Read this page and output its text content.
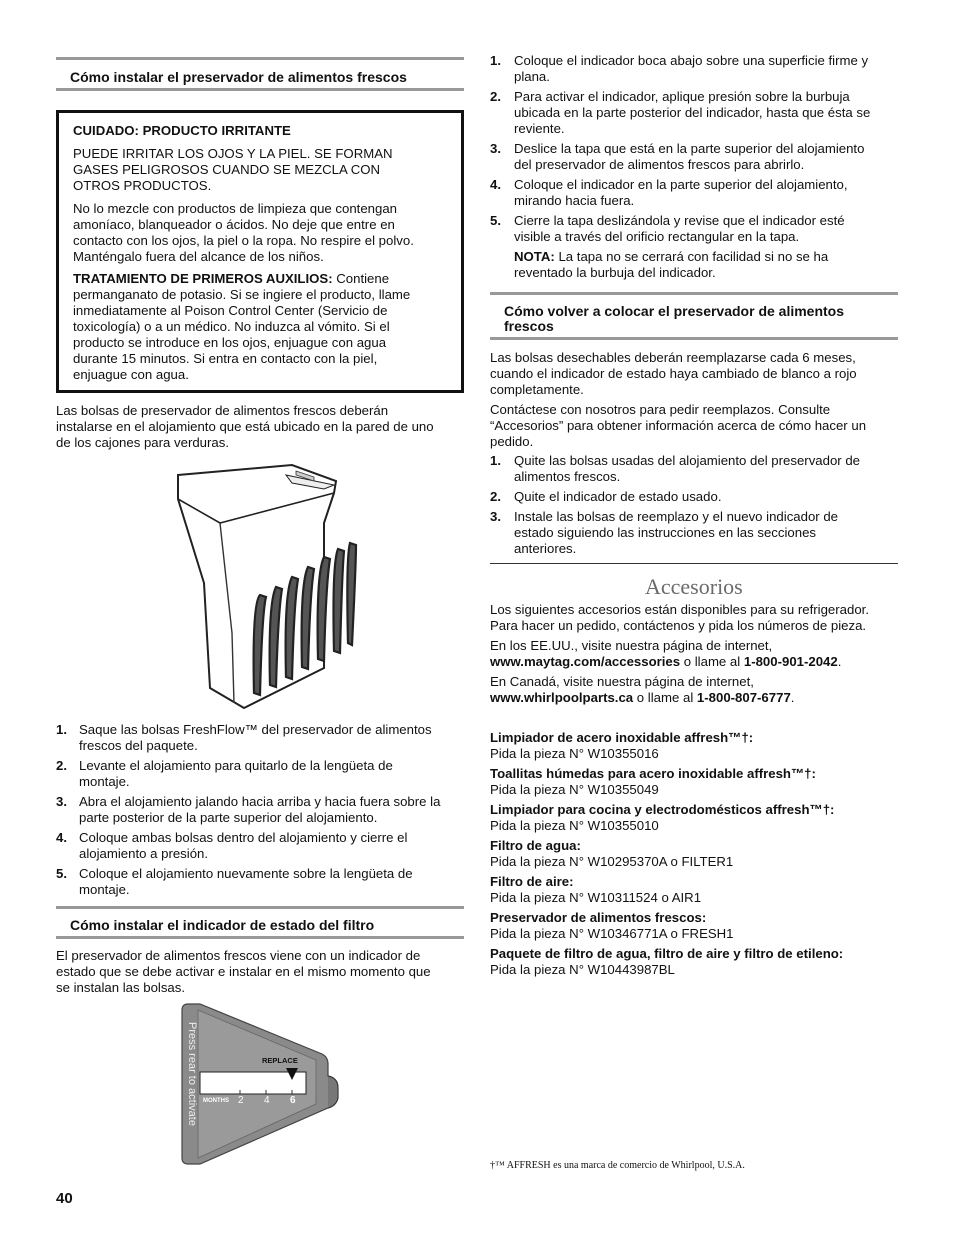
Cómo instalar el preservador de alimentos frescos
CUIDADO: PRODUCTO IRRITANTE
PUEDE IRRITAR LOS OJOS Y LA PIEL. SE FORMAN
GASES PELIGROSOS CUANDO SE MEZCLA CON
OTROS PRODUCTOS.
No lo mezcle con productos de limpieza que contengan
amoníaco, blanqueador o ácidos. No deje que entre en
contacto con los ojos, la piel o la ropa. No respire el polvo.
Manténgalo fuera del alcance de los niños.
TRATAMIENTO DE PRIMEROS AUXILIOS: Contiene
permanganato de potasio. Si se ingiere el producto, llame
inmediatamente al Poison Control Center (Servicio de
toxicología) o a un médico. No induzca al vómito. Si el
producto se introduce en los ojos, enjuague con agua
durante 15 minutos. Si entra en contacto con la piel,
enjuague con agua.
Las bolsas de preservador de alimentos frescos deberán
instalarse en el alojamiento que está ubicado en la pared de uno
de los cajones para verduras.
1. Saque las bolsas FreshFlow™ del preservador de alimentos
frescos del paquete.
2. Levante el alojamiento para quitarlo de la lengüeta de
montaje.
3. Abra el alojamiento jalando hacia arriba y hacia fuera sobre la
parte posterior de la parte superior del alojamiento.
4. Coloque ambas bolsas dentro del alojamiento y cierre el
alojamiento a presión.
5. Coloque el alojamiento nuevamente sobre la lengüeta de
montaje.
Cómo instalar el indicador de estado del filtro
El preservador de alimentos frescos viene con un indicador de
estado que se debe activar e instalar en el mismo momento que
se instalan las bolsas.
Press rear to activate	REPLACE
MONTHS 2 4 6
1. Coloque el indicador boca abajo sobre una superficie firme y
plana.
2. Para activar el indicador, aplique presión sobre la burbuja
ubicada en la parte posterior del indicador, hasta que ésta se
reviente.
3. Deslice la tapa que está en la parte superior del alojamiento
del preservador de alimentos frescos para abrirlo.
4. Coloque el indicador en la parte superior del alojamiento,
mirando hacia fuera.
5. Cierre la tapa deslizándola y revise que el indicador esté
visible a través del orificio rectangular en la tapa.
NOTA: La tapa no se cerrará con facilidad si no se ha
reventado la burbuja del indicador.
Cómo volver a colocar el preservador de alimentos
frescos
Las bolsas desechables deberán reemplazarse cada 6 meses,
cuando el indicador de estado haya cambiado de blanco a rojo
completamente.
Contáctese con nosotros para pedir reemplazos. Consulte
“Accesorios” para obtener información acerca de cómo hacer un
pedido.
1. Quite las bolsas usadas del alojamiento del preservador de
alimentos frescos.
2. Quite el indicador de estado usado.
3. Instale las bolsas de reemplazo y el nuevo indicador de
estado siguiendo las instrucciones en las secciones
anteriores.
Accesorios
Los siguientes accesorios están disponibles para su refrigerador.
Para hacer un pedido, contáctenos y pida los números de pieza.
En los EE.UU., visite nuestra página de internet,
www.maytag.com/accessories o llame al 1-800-901-2042.
En Canadá, visite nuestra página de internet,
www.whirlpoolparts.ca o llame al 1-800-807-6777.
Limpiador de acero inoxidable affresh™†:
Pida la pieza N° W10355016
Toallitas húmedas para acero inoxidable affresh™†:
Pida la pieza N° W10355049
Limpiador para cocina y electrodomésticos affresh™†:
Pida la pieza N° W10355010
Filtro de agua:
Pida la pieza N° W10295370A o FILTER1
Filtro de aire:
Pida la pieza N° W10311524 o AIR1
Preservador de alimentos frescos:
Pida la pieza N° W10346771A o FRESH1
Paquete de filtro de agua, filtro de aire y filtro de etileno:
Pida la pieza N° W10443987BL
†™ AFFRESH es una marca de comercio de Whirlpool, U.S.A.
40
